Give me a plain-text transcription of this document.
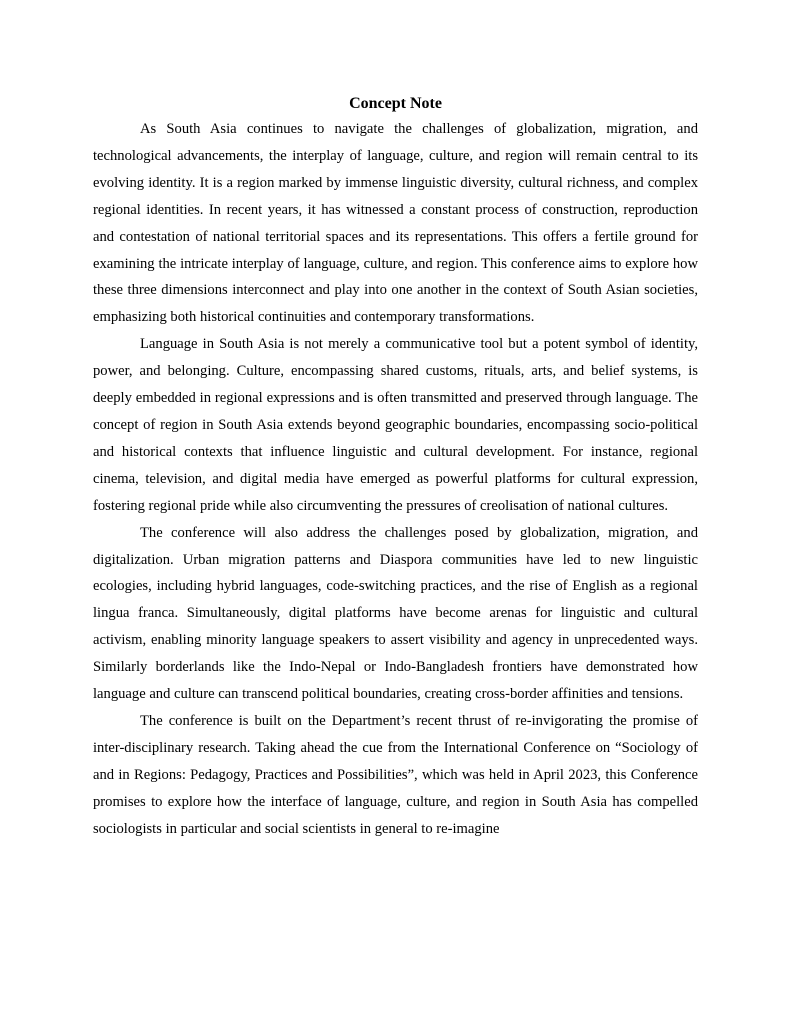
Concept Note

As South Asia continues to navigate the challenges of globalization, migration, and technological advancements, the interplay of language, culture, and region will remain central to its evolving identity. It is a region marked by immense linguistic diversity, cultural richness, and complex regional identities. In recent years, it has witnessed a constant process of construction, reproduction and contestation of national territorial spaces and its representations. This offers a fertile ground for examining the intricate interplay of language, culture, and region. This conference aims to explore how these three dimensions interconnect and play into one another in the context of South Asian societies, emphasizing both historical continuities and contemporary transformations.

Language in South Asia is not merely a communicative tool but a potent symbol of identity, power, and belonging. Culture, encompassing shared customs, rituals, arts, and belief systems, is deeply embedded in regional expressions and is often transmitted and preserved through language. The concept of region in South Asia extends beyond geographic boundaries, encompassing socio-political and historical contexts that influence linguistic and cultural development. For instance, regional cinema, television, and digital media have emerged as powerful platforms for cultural expression, fostering regional pride while also circumventing the pressures of creolisation of national cultures.

The conference will also address the challenges posed by globalization, migration, and digitalization. Urban migration patterns and Diaspora communities have led to new linguistic ecologies, including hybrid languages, code-switching practices, and the rise of English as a regional lingua franca. Simultaneously, digital platforms have become arenas for linguistic and cultural activism, enabling minority language speakers to assert visibility and agency in unprecedented ways. Similarly borderlands like the Indo-Nepal or Indo-Bangladesh frontiers have demonstrated how language and culture can transcend political boundaries, creating cross-border affinities and tensions.

The conference is built on the Department’s recent thrust of re-invigorating the promise of inter-disciplinary research. Taking ahead the cue from the International Conference on “Sociology of and in Regions: Pedagogy, Practices and Possibilities”, which was held in April 2023, this Conference promises to explore how the interface of language, culture, and region in South Asia has compelled sociologists in particular and social scientists in general to re-imagine
